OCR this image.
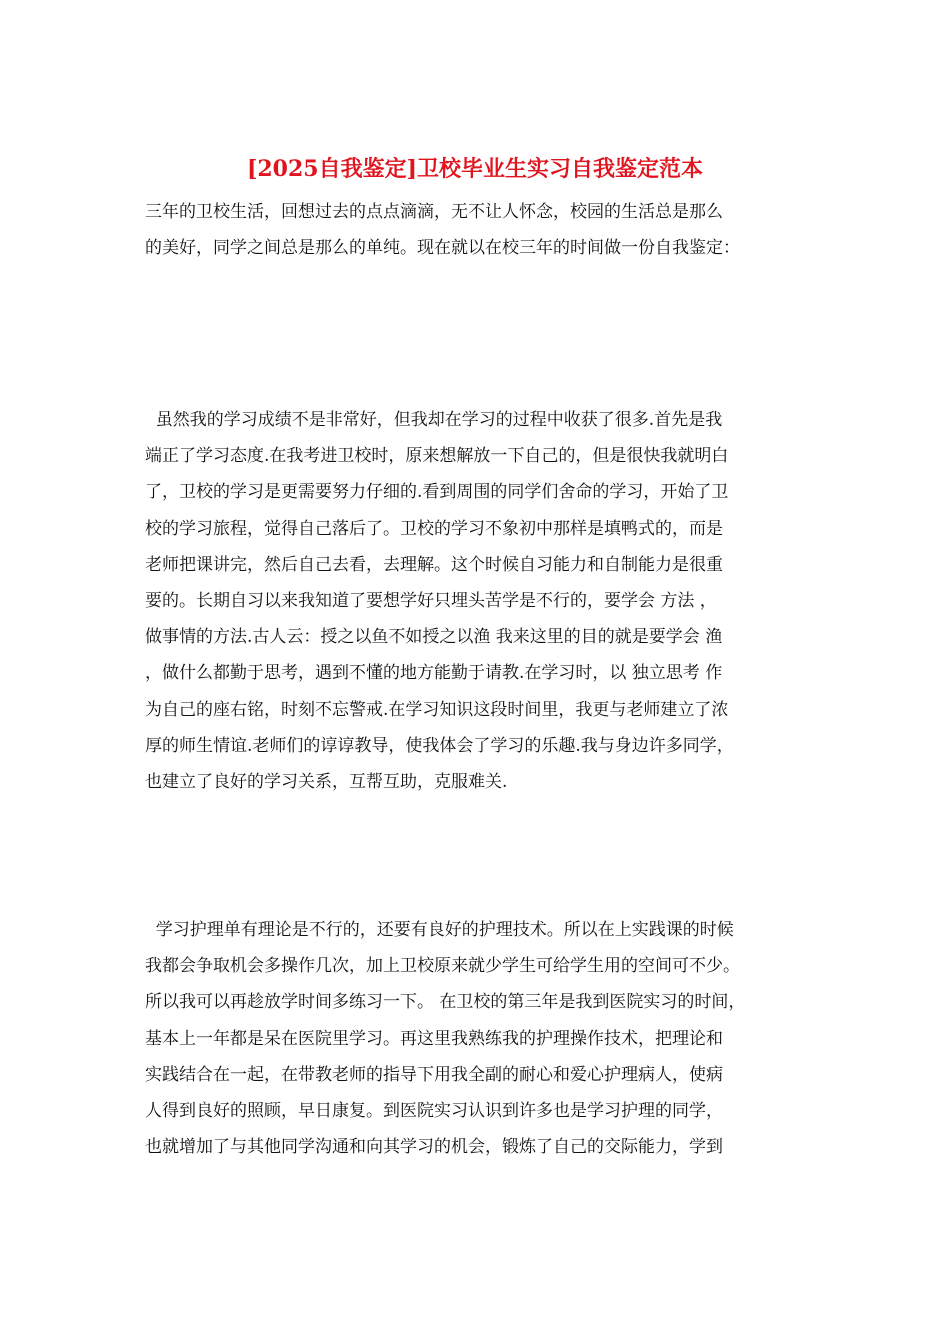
[2025自我鉴定]卫校毕业生实习自我鉴定范本
三年的卫校生活，回想过去的点点滴滴，无不让人怀念，校园的生活总是那么
的美好，同学之间总是那么的单纯。现在就以在校三年的时间做一份自我鉴定：
虽然我的学习成绩不是非常好，但我却在学习的过程中收获了很多.首先是我
端正了学习态度.在我考进卫校时，原来想解放一下自己的，但是很快我就明白
了，卫校的学习是更需要努力仔细的.看到周围的同学们舍命的学习，开始了卫
校的学习旅程，觉得自己落后了。卫校的学习不象初中那样是填鸭式的，而是
老师把课讲完，然后自己去看，去理解。这个时候自习能力和自制能力是很重
要的。长期自习以来我知道了要想学好只埋头苦学是不行的，要学会 方法 ，
做事情的方法.古人云：授之以鱼不如授之以渔 我来这里的目的就是要学会 渔
，做什么都勤于思考，遇到不懂的地方能勤于请教.在学习时，以 独立思考 作
为自己的座右铭，时刻不忘警戒.在学习知识这段时间里，我更与老师建立了浓
厚的师生情谊.老师们的谆谆教导，使我体会了学习的乐趣.我与身边许多同学，
也建立了良好的学习关系，互帮互助，克服难关.
学习护理单有理论是不行的，还要有良好的护理技术。所以在上实践课的时候
我都会争取机会多操作几次，加上卫校原来就少学生可给学生用的空间可不少。
所以我可以再趁放学时间多练习一下。 在卫校的第三年是我到医院实习的时间，
基本上一年都是呆在医院里学习。再这里我熟练我的护理操作技术，把理论和
实践结合在一起，在带教老师的指导下用我全副的耐心和爱心护理病人，使病
人得到良好的照顾，早日康复。到医院实习认识到许多也是学习护理的同学，
也就增加了与其他同学沟通和向其学习的机会，锻炼了自己的交际能力，学到
